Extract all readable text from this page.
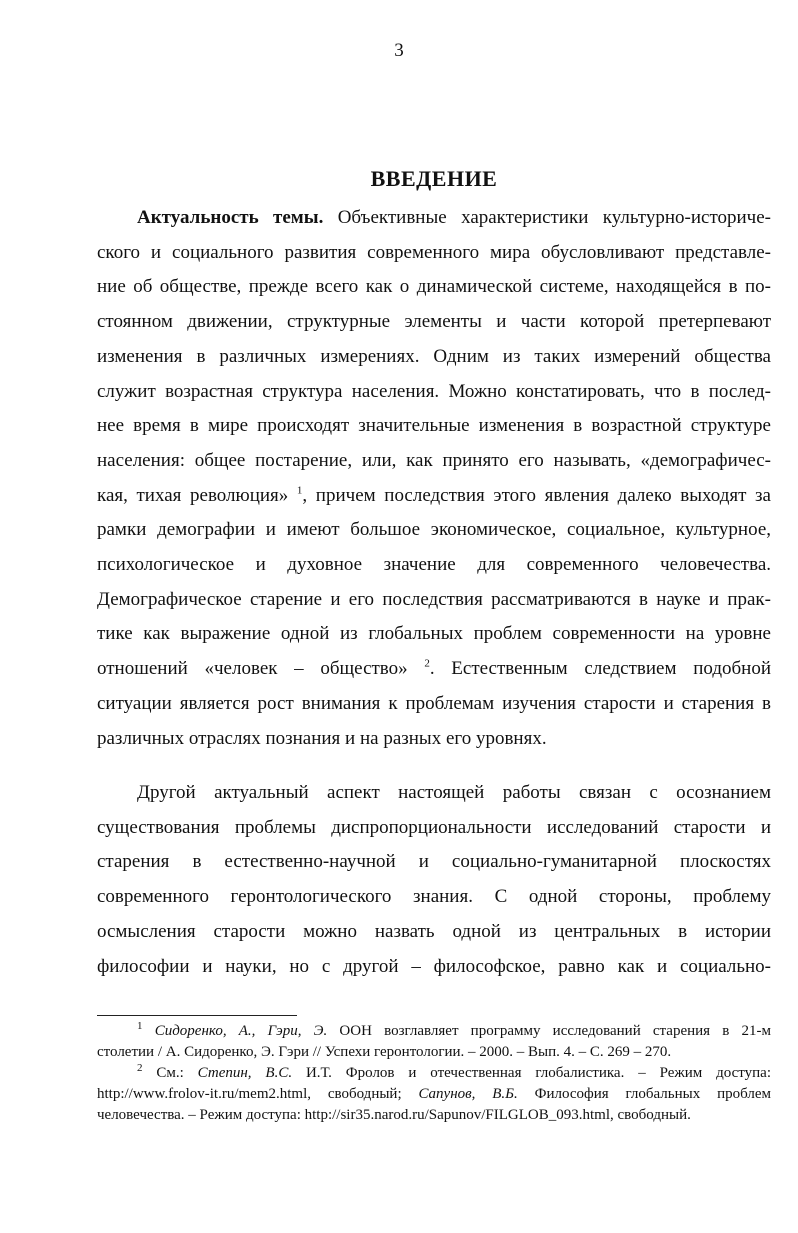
3
ВВЕДЕНИЕ
Актуальность темы. Объективные характеристики культурно-историче-
ского и социального развития современного мира обусловливают представле-
ние об обществе, прежде всего как о динамической системе, находящейся в по-
стоянном движении, структурные элементы и части которой претерпевают
изменения в различных измерениях. Одним из таких измерений общества
служит возрастная структура населения. Можно констатировать, что в послед-
нее время в мире происходят значительные изменения в возрастной структуре
населения: общее постарение, или, как принято его называть, «демографичес-
кая, тихая революция» $^1$, причем последствия этого явления далеко выходят за
рамки демографии и имеют большое экономическое, социальное, культурное,
психологическое и духовное значение для современного человечества.
Демографическое старение и его последствия рассматриваются в науке и прак-
тике как выражение одной из глобальных проблем современности на уровне
отношений «человек – общество» $^2$. Естественным следствием подобной
ситуации является рост внимания к проблемам изучения старости и старения в
различных отраслях познания и на разных его уровнях.
Другой актуальный аспект настоящей работы связан с осознанием
существования проблемы диспропорциональности исследований старости и
старения в естественно-научной и социально-гуманитарной плоскостях
современного геронтологического знания. С одной стороны, проблему
осмысления старости можно назвать одной из центральных в истории
философии и науки, но с другой – философское, равно как и социально-
$^1$ Сидоренко, А., Гэри, Э. ООН возглавляет программу исследований старения в 21-м
столетии / А. Сидоренко, Э. Гэри // Успехи геронтологии. – 2000. – Вып. 4. – С. 269 – 270.
$^2$ См.: Степин, В.С. И.Т. Фролов и отечественная глобалистика. – Режим доступа:
http://www.frolov-it.ru/mem2.html, свободный; Сапунов, В.Б. Философия глобальных проблем
человечества. – Режим доступа: http://sir35.narod.ru/Sapunov/FILGLOB_093.html, свободный.
